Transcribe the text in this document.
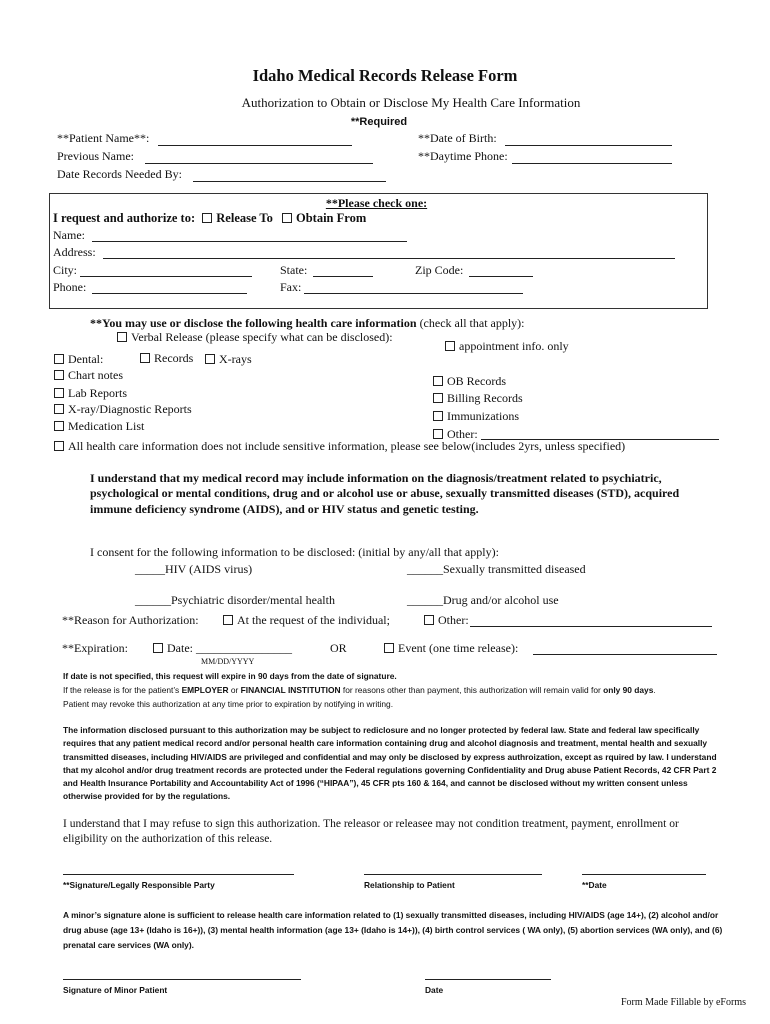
Idaho Medical Records Release Form
Authorization to Obtain or Disclose My Health Care Information
**Required
**Patient Name**:	**Date of Birth:
Previous Name:	**Daytime Phone:
Date Records Needed By:
**Please check one:
I request and authorize to: Release To Obtain From
Name:
Address:
City:	State:	Zip Code:
Phone:	Fax:
**You may use or disclose the following health care information (check all that apply):
Verbal Release (please specify what can be disclosed):
appointment info. only
Dental:	Records	X-rays
Chart notes	OB Records
Lab Reports	Billing Records
X-ray/Diagnostic Reports	Immunizations
Medication List
Other:
All health care information does not include sensitive information, please see below(includes 2yrs, unless specified)
I understand that my medical record may include information on the diagnosis/treatment related to psychiatric, psychological or mental conditions, drug and or alcohol use or abuse, sexually transmitted diseases (STD), acquired immune deficiency syndrome (AIDS), and or HIV status and genetic testing.
I consent for the following information to be disclosed: (initial by any/all that apply):
_____HIV (AIDS virus)	______Sexually transmitted diseased
______Psychiatric disorder/mental health	______Drug and/or alcohol use
**Reason for Authorization:	At the request of the individual;	Other:
**Expiration:	Date: ________________	OR	Event (one time release):
MM/DD/YYYY
If date is not specified, this request will expire in 90 days from the date of signature.
If the release is for the patient’s EMPLOYER or FINANCIAL INSTITUTION for reasons other than payment, this authorization will remain valid for only 90 days.
Patient may revoke this authorization at any time prior to expiration by notifying in writing.
The information disclosed pursuant to this authorization may be subject to rediclosure and no longer protected by federal law. State and federal law specifically requires that any patient medical record and/or personal health care information containing drug and alcohol diagnosis and treatment, mental health and sexually transmitted diseases, including HIV/AIDS are privileged and confidential and may only be disclosed by express authroization, except as rquired by law. I understand that my alcohol and/or drug treatment records are protected under the Federal regulations governing Confidentiality and Drug abuse Patient Records, 42 CFR Part 2 and Health Insurance Portability and Accountability Act of 1996 (“HIPAA”), 45 CFR pts 160 & 164, and cannot be disclosed without my written consent unless otherwise provided for by the regulations.
I understand that I may refuse to sign this authorization. The releasor or releasee may not condition treatment, payment, enrollment or eligibility on the authorization of this release.
**Signature/Legally Responsible Party	Relationship to Patient	**Date
A minor’s signature alone is sufficient to release health care information related to (1) sexually transmitted diseases, including HIV/AIDS (age 14+), (2) alcohol and/or drug abuse (age 13+ (Idaho is 16+)), (3) mental health information (age 13+ (Idaho is 14+)), (4) birth control services ( WA only), (5) abortion services (WA only), and (6) prenatal care services (WA only).
Signature of Minor Patient	Date
Form Made Fillable by eForms
